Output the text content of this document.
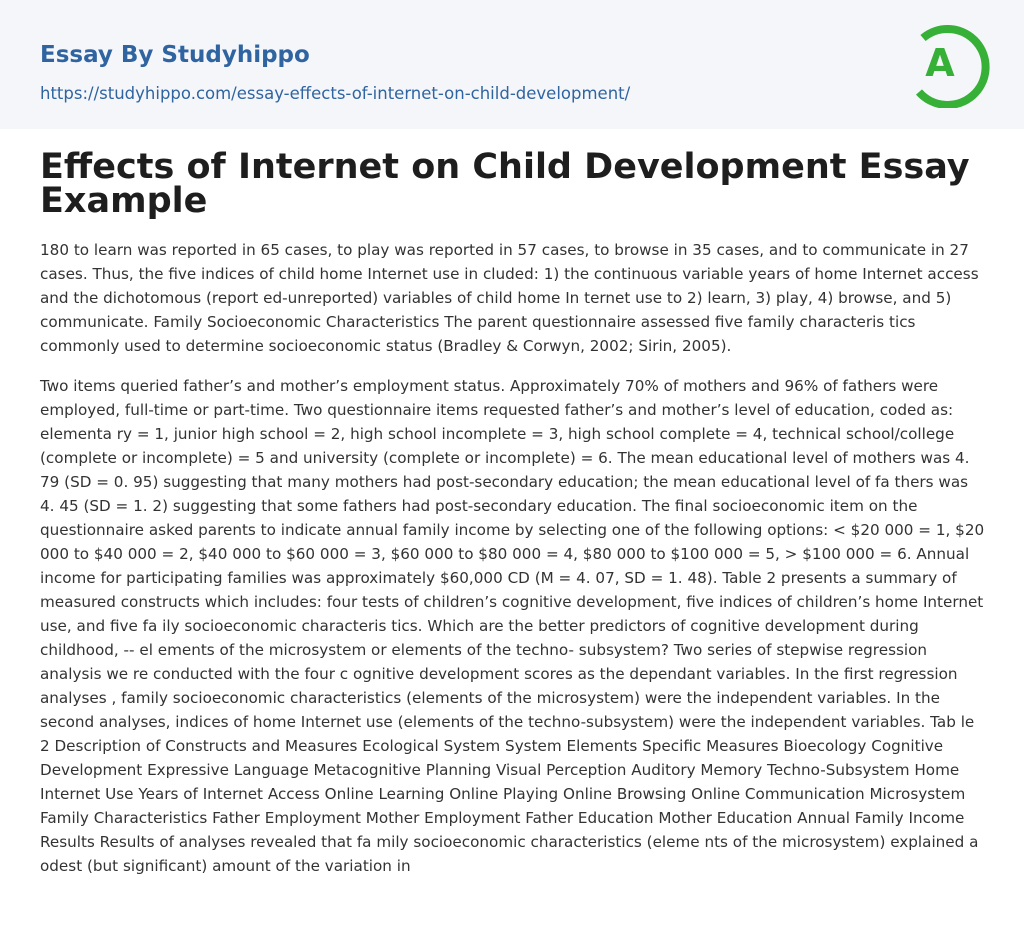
Essay By Studyhippo
https://studyhippo.com/essay-effects-of-internet-on-child-development/
A
Effects of Internet on Child Development Essay Example

180 to learn was reported in 65 cases, to play was reported in 57 cases, to browse in 35 cases, and to communicate in 27 cases. Thus, the five indices of child home Internet use in cluded: 1) the continuous variable years of home Internet access and the dichotomous (report ed-unreported) variables of child home In ternet use to 2) learn, 3) play, 4) browse, and 5) communicate. Family Socioeconomic Characteristics The parent questionnaire assessed five family characteris tics commonly used to determine socioeconomic status (Bradley & Corwyn, 2002; Sirin, 2005).

Two items queried father’s and mother’s employment status. Approximately 70% of mothers and 96% of fathers were employed, full-time or part-time. Two questionnaire items requested father’s and mother’s level of education, coded as: elementa ry = 1, junior high school = 2, high school incomplete = 3, high school complete = 4, technical school/college (complete or incomplete) = 5 and university (complete or incomplete) = 6. The mean educational level of mothers was 4. 79 (SD = 0. 95) suggesting that many mothers had post-secondary education; the mean educational level of fa thers was 4. 45 (SD = 1. 2) suggesting that some fathers had post-secondary education. The final socioeconomic item on the questionnaire asked parents to indicate annual family income by selecting one of the following options: < $20 000 = 1, $20 000 to $40 000 = 2, $40 000 to $60 000 = 3, $60 000 to $80 000 = 4, $80 000 to $100 000 = 5, > $100 000 = 6. Annual income for participating families was approximately $60,000 CD (M = 4. 07, SD = 1. 48). Table 2 presents a summary of measured constructs which includes: four tests of children’s cognitive development, five indices of children’s home Internet use, and five fa ily socioeconomic characteris tics. Which are the better predictors of cognitive development during childhood, -- el ements of the microsystem or elements of the techno- subsystem? Two series of stepwise regression analysis we re conducted with the four c ognitive development scores as the dependant variables. In the first regression analyses , family socioeconomic characteristics (elements of the microsystem) were the independent variables. In the second analyses, indices of home Internet use (elements of the techno-subsystem) were the independent variables. Tab le 2 Description of Constructs and Measures Ecological System System Elements Specific Measures Bioecology Cognitive Development Expressive Language Metacognitive Planning Visual Perception Auditory Memory Techno-Subsystem Home Internet Use Years of Internet Access Online Learning Online Playing Online Browsing Online Communication Microsystem Family Characteristics Father Employment Mother Employment Father Education Mother Education Annual Family Income Results Results of analyses revealed that fa mily socioeconomic characteristics (eleme nts of the microsystem) explained a odest (but significant) amount of the variation in
